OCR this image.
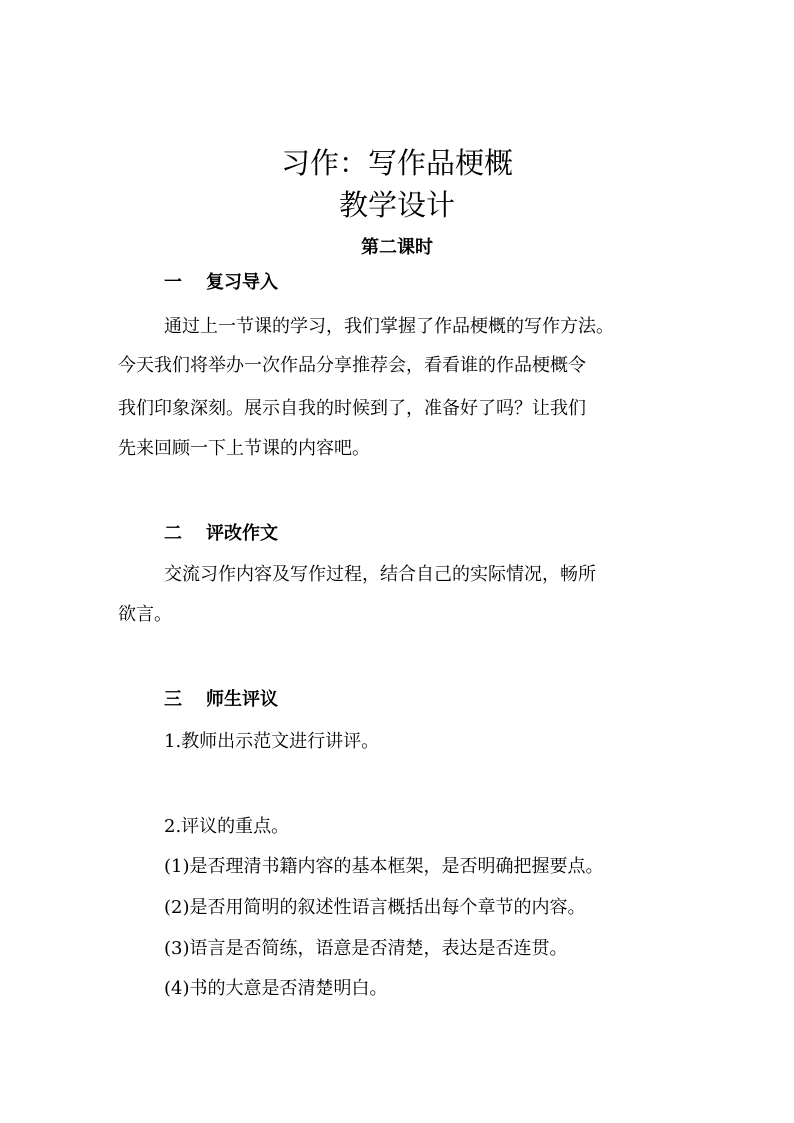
习作：写作品梗概
教学设计
第二课时
一 复习导入
通过上一节课的学习，我们掌握了作品梗概的写作方法。
今天我们将举办一次作品分享推荐会，看看谁的作品梗概令
我们印象深刻。展示自我的时候到了，准备好了吗？让我们
先来回顾一下上节课的内容吧。
二 评改作文
交流习作内容及写作过程，结合自己的实际情况，畅所
欲言。
三 师生评议
1.教师出示范文进行讲评。
2.评议的重点。
(1)是否理清书籍内容的基本框架，是否明确把握要点。
(2)是否用简明的叙述性语言概括出每个章节的内容。
(3)语言是否简练，语意是否清楚，表达是否连贯。
(4)书的大意是否清楚明白。
